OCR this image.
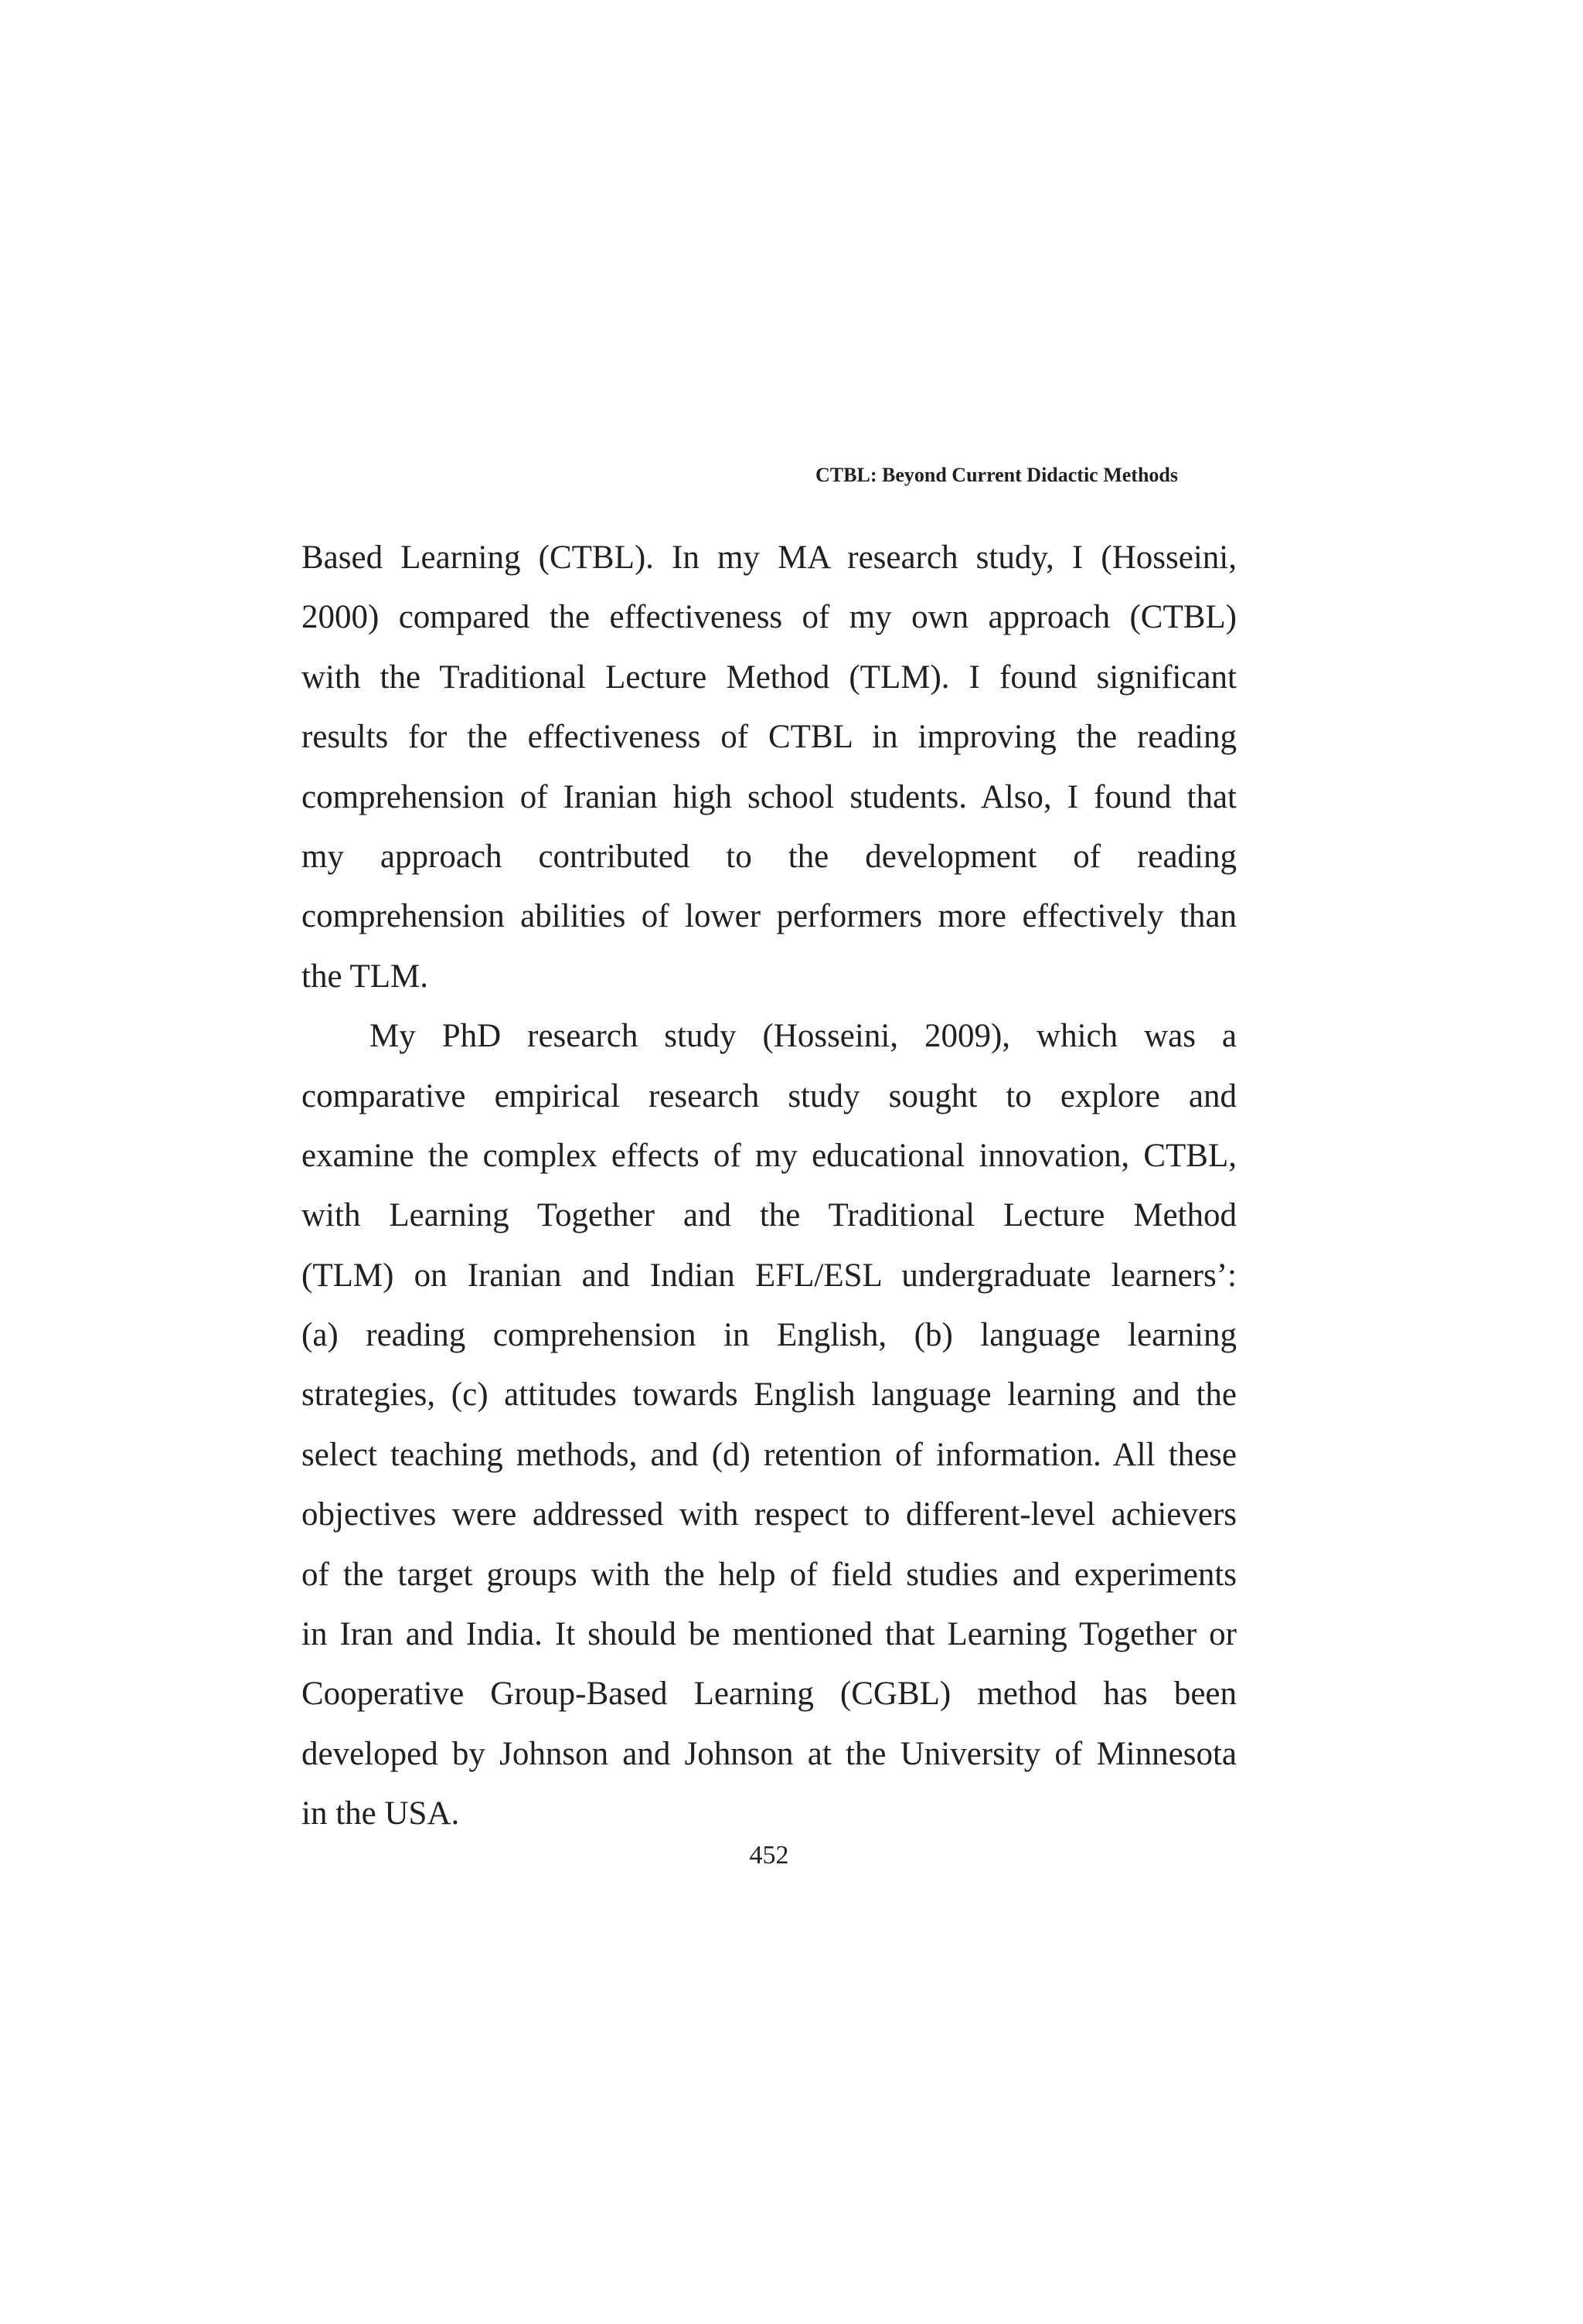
CTBL: Beyond Current Didactic Methods
Based Learning (CTBL). In my MA research study, I (Hosseini,
2000) compared the effectiveness of my own approach (CTBL)
with the Traditional Lecture Method (TLM). I found significant
results for the effectiveness of CTBL in improving the reading
comprehension of Iranian high school students. Also, I found that
my approach contributed to the development of reading
comprehension abilities of lower performers more effectively than
the TLM.
My PhD research study (Hosseini, 2009), which was a
comparative empirical research study sought to explore and
examine the complex effects of my educational innovation, CTBL,
with Learning Together and the Traditional Lecture Method
(TLM) on Iranian and Indian EFL/ESL undergraduate learners’:
(a) reading comprehension in English, (b) language learning
strategies, (c) attitudes towards English language learning and the
select teaching methods, and (d) retention of information. All these
objectives were addressed with respect to different-level achievers
of the target groups with the help of field studies and experiments
in Iran and India. It should be mentioned that Learning Together or
Cooperative Group-Based Learning (CGBL) method has been
developed by Johnson and Johnson at the University of Minnesota
in the USA.
452
